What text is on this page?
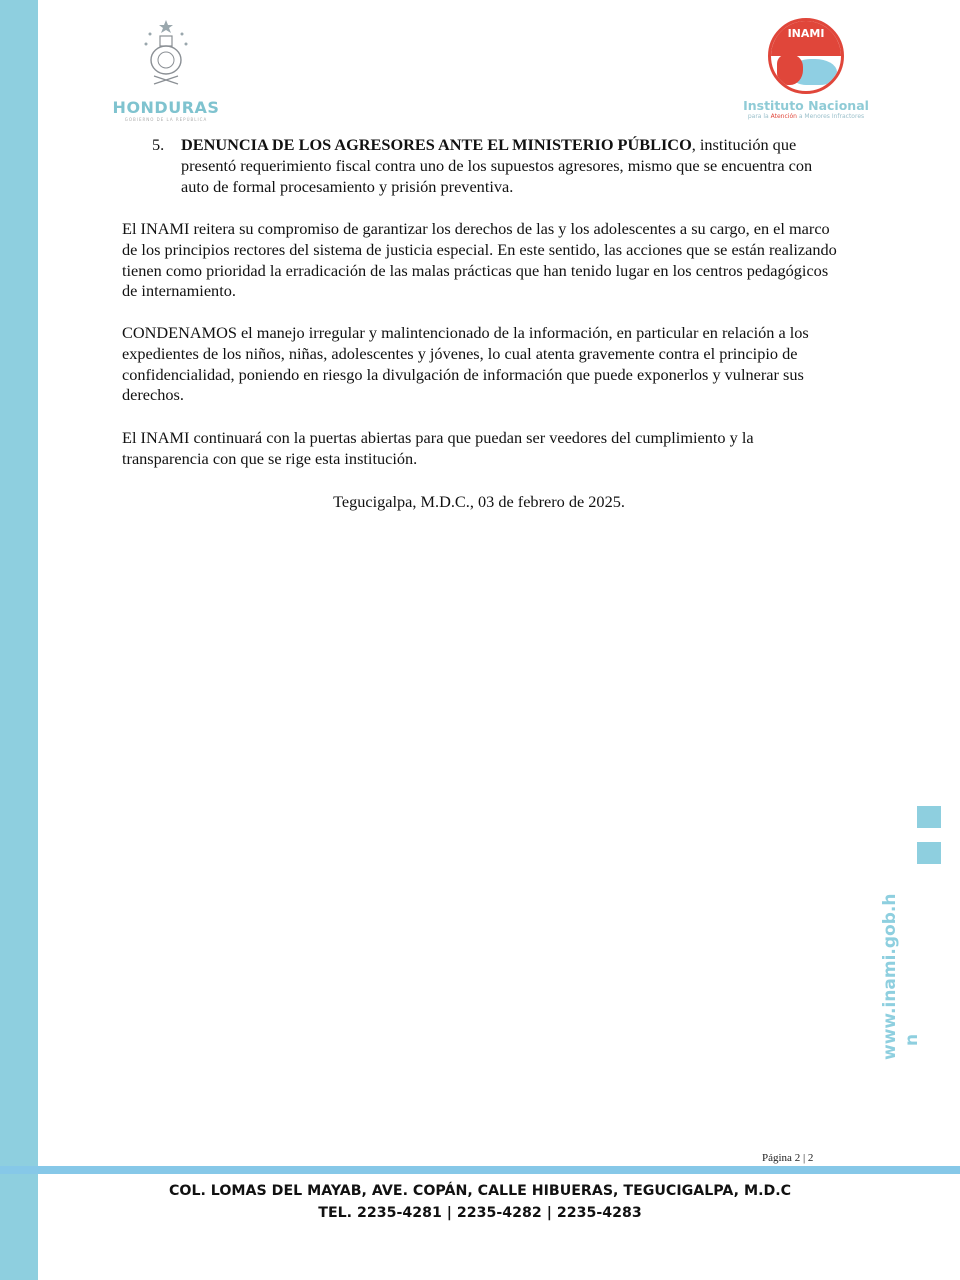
HONDURAS
GOBIERNO DE LA REPÚBLICA
INAMI
Instituto Nacional
para la Atención a Menores Infractores
5. DENUNCIA DE LOS AGRESORES ANTE EL MINISTERIO PÚBLICO, institución que presentó requerimiento fiscal contra uno de los supuestos agresores, mismo que se encuentra con auto de formal procesamiento y prisión preventiva.
El INAMI reitera su compromiso de garantizar los derechos de las y los adolescentes a su cargo, en el marco de los principios rectores del sistema de justicia especial. En este sentido, las acciones que se están realizando tienen como prioridad la erradicación de las malas prácticas que han tenido lugar en los centros pedagógicos de internamiento.
CONDENAMOS el manejo irregular y malintencionado de la información, en particular en relación a los expedientes de los niños, niñas, adolescentes y jóvenes, lo cual atenta gravemente contra el principio de confidencialidad, poniendo en riesgo la divulgación de información que puede exponerlos y vulnerar sus derechos.
El INAMI continuará con la puertas abiertas para que puedan ser veedores del cumplimiento y la transparencia con que se rige esta institución.
Tegucigalpa, M.D.C., 03 de febrero de 2025.
www.inami.gob.h n
Página 2 | 2
COL. LOMAS DEL MAYAB, AVE. COPÁN, CALLE HIBUERAS, TEGUCIGALPA, M.D.C
TEL. 2235-4281 | 2235-4282 | 2235-4283
